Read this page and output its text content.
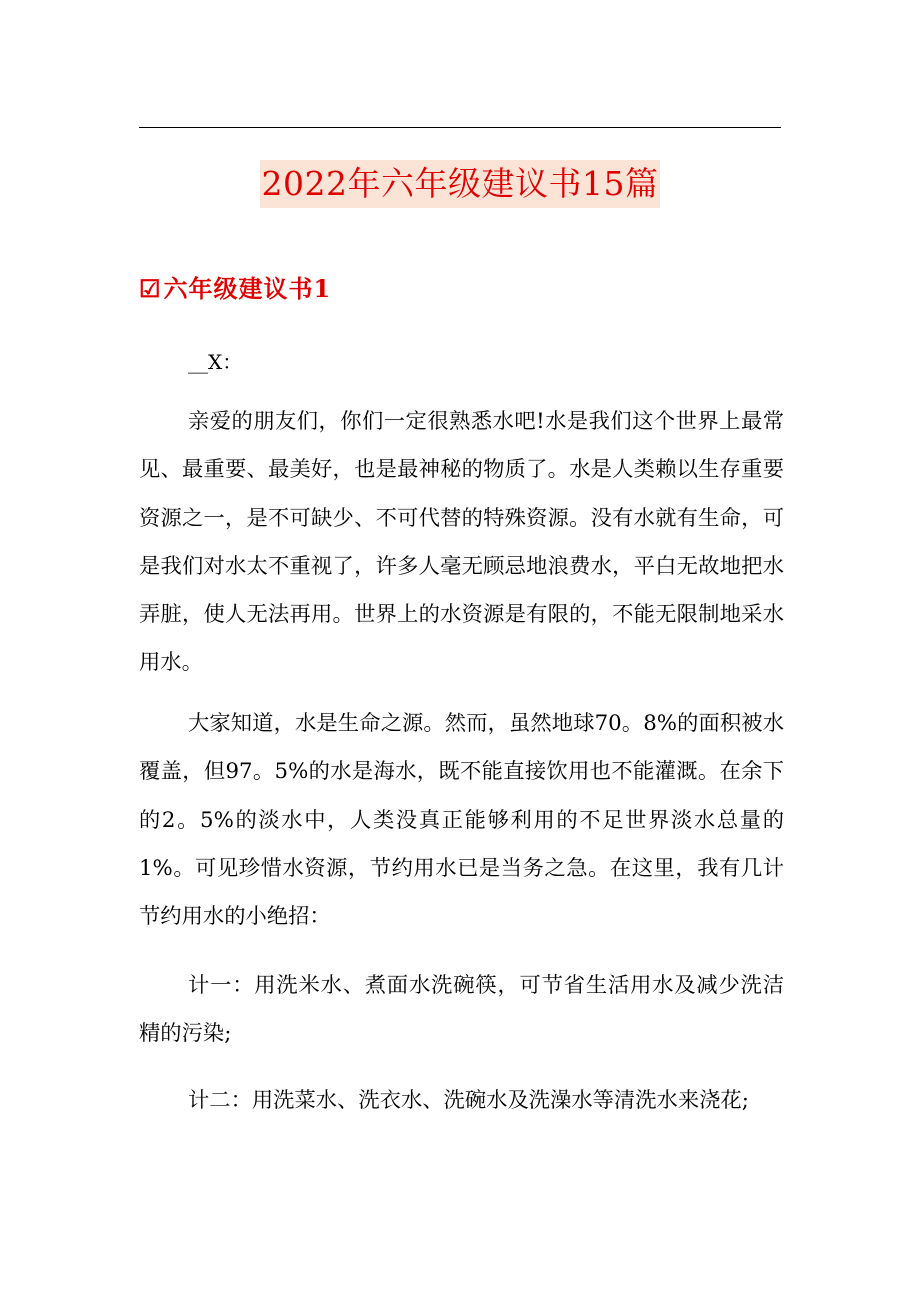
2022年六年级建议书15篇
☑六年级建议书1
__X：

亲爱的朋友们，你们一定很熟悉水吧!水是我们这个世界上最常见、最重要、最美好，也是最神秘的物质了。水是人类赖以生存重要资源之一，是不可缺少、不可代替的特殊资源。没有水就有生命，可是我们对水太不重视了，许多人毫无顾忌地浪费水，平白无故地把水弄脏，使人无法再用。世界上的水资源是有限的，不能无限制地采水用水。

大家知道，水是生命之源。然而，虽然地球70。8%的面积被水覆盖，但97。5%的水是海水，既不能直接饮用也不能灌溉。在余下的2。5%的淡水中，人类没真正能够利用的不足世界淡水总量的1%。可见珍惜水资源，节约用水已是当务之急。在这里，我有几计节约用水的小绝招：

计一：用洗米水、煮面水洗碗筷，可节省生活用水及减少洗洁精的污染;

计二：用洗菜水、洗衣水、洗碗水及洗澡水等清洗水来浇花;
